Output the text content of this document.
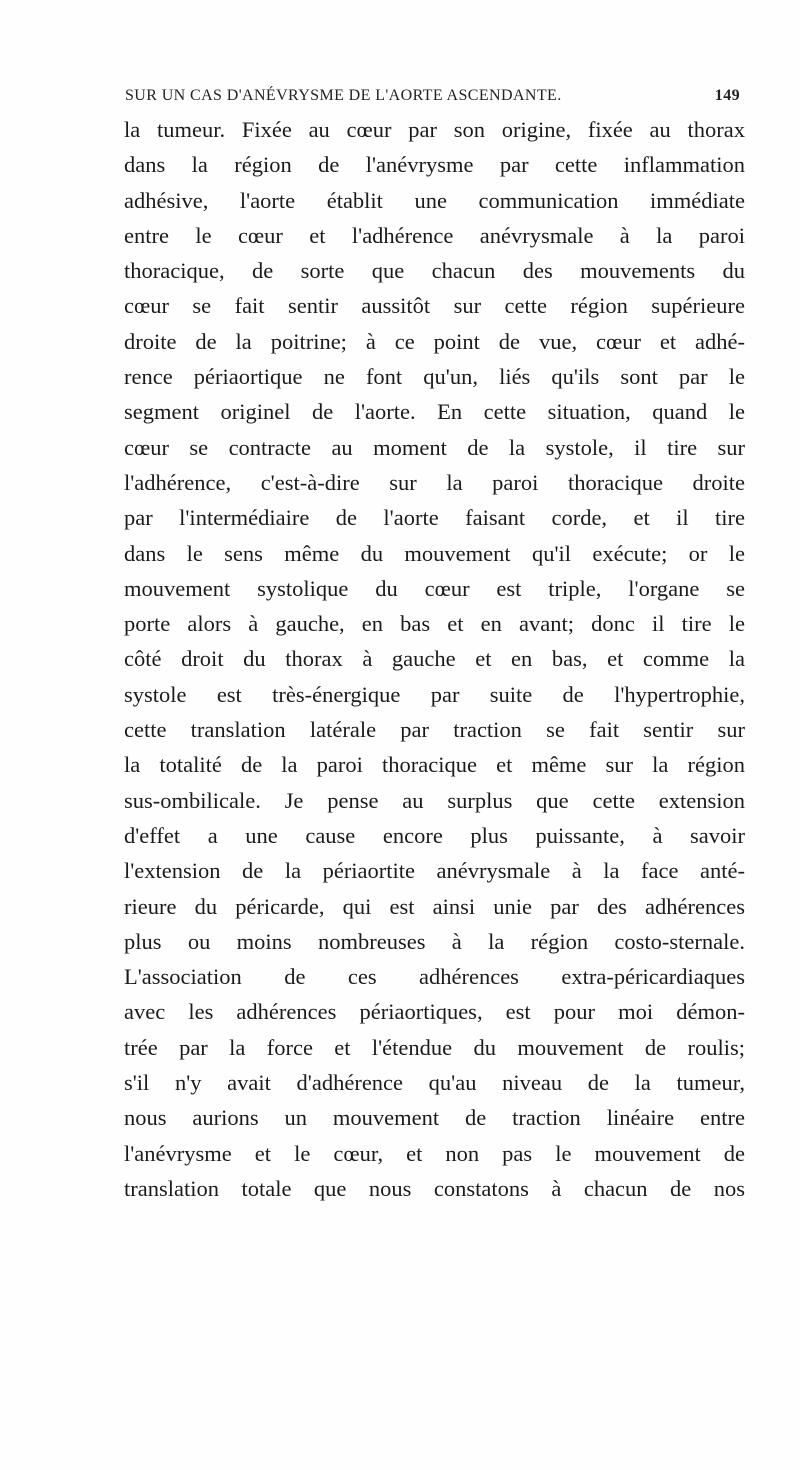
SUR UN CAS D'ANÉVRYSME DE L'AORTE ASCENDANTE.	149
la tumeur. Fixée au cœur par son origine, fixée au thorax
dans la région de l'anévrysme par cette inflammation
adhésive, l'aorte établit une communication immédiate
entre le cœur et l'adhérence anévrysmale à la paroi
thoracique, de sorte que chacun des mouvements du
cœur se fait sentir aussitôt sur cette région supérieure
droite de la poitrine; à ce point de vue, cœur et adhé-
rence périaortique ne font qu'un, liés qu'ils sont par le
segment originel de l'aorte. En cette situation, quand le
cœur se contracte au moment de la systole, il tire sur
l'adhérence, c'est-à-dire sur la paroi thoracique droite
par l'intermédiaire de l'aorte faisant corde, et il tire
dans le sens même du mouvement qu'il exécute; or le
mouvement systolique du cœur est triple, l'organe se
porte alors à gauche, en bas et en avant; donc il tire le
côté droit du thorax à gauche et en bas, et comme la
systole est très-énergique par suite de l'hypertrophie,
cette translation latérale par traction se fait sentir sur
la totalité de la paroi thoracique et même sur la région
sus-ombilicale. Je pense au surplus que cette extension
d'effet a une cause encore plus puissante, à savoir
l'extension de la périaortite anévrysmale à la face anté-
rieure du péricarde, qui est ainsi unie par des adhérences
plus ou moins nombreuses à la région costo-sternale.
L'association de ces adhérences extra-péricardiaques
avec les adhérences périaortiques, est pour moi démon-
trée par la force et l'étendue du mouvement de roulis;
s'il n'y avait d'adhérence qu'au niveau de la tumeur,
nous aurions un mouvement de traction linéaire entre
l'anévrysme et le cœur, et non pas le mouvement de
translation totale que nous constatons à chacun de nos
